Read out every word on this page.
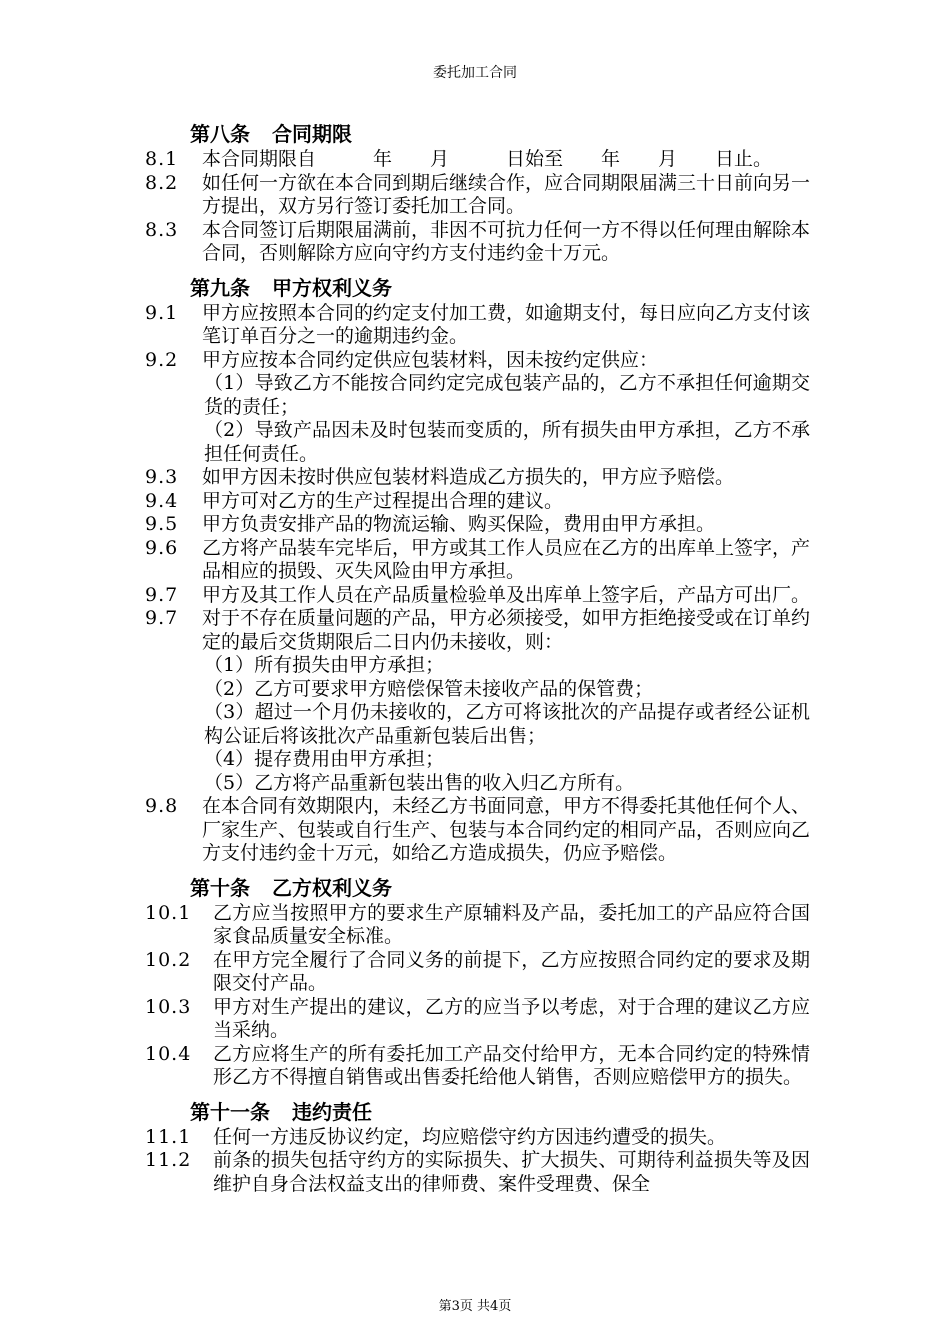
委托加工合同
第八条 合同期限
8.1	本合同期限自　　　年　　月　　　日始至　　年　　月　　日止。
8.2	如任何一方欲在本合同到期后继续合作，应合同期限届满三十日前向另一方提出，双方另行签订委托加工合同。
8.3	本合同签订后期限届满前，非因不可抗力任何一方不得以任何理由解除本合同，否则解除方应向守约方支付违约金十万元。
第九条 甲方权利义务
9.1	甲方应按照本合同的约定支付加工费，如逾期支付，每日应向乙方支付该笔订单百分之一的逾期违约金。
9.2	甲方应按本合同约定供应包装材料，因未按约定供应：
（1）导致乙方不能按合同约定完成包装产品的，乙方不承担任何逾期交货的责任；
（2）导致产品因未及时包装而变质的，所有损失由甲方承担，乙方不承担任何责任。
9.3	如甲方因未按时供应包装材料造成乙方损失的，甲方应予赔偿。
9.4	甲方可对乙方的生产过程提出合理的建议。
9.5	甲方负责安排产品的物流运输、购买保险，费用由甲方承担。
9.6	乙方将产品装车完毕后，甲方或其工作人员应在乙方的出库单上签字，产品相应的损毁、灭失风险由甲方承担。
9.7	甲方及其工作人员在产品质量检验单及出库单上签字后，产品方可出厂。
9.7	对于不存在质量问题的产品，甲方必须接受，如甲方拒绝接受或在订单约定的最后交货期限后二日内仍未接收，则：
（1）所有损失由甲方承担；
（2）乙方可要求甲方赔偿保管未接收产品的保管费；
（3）超过一个月仍未接收的，乙方可将该批次的产品提存或者经公证机构公证后将该批次产品重新包装后出售；
（4）提存费用由甲方承担；
（5）乙方将产品重新包装出售的收入归乙方所有。
9.8	在本合同有效期限内，未经乙方书面同意，甲方不得委托其他任何个人、厂家生产、包装或自行生产、包装与本合同约定的相同产品，否则应向乙方支付违约金十万元，如给乙方造成损失，仍应予赔偿。
第十条 乙方权利义务
10.1	乙方应当按照甲方的要求生产原辅料及产品，委托加工的产品应符合国家食品质量安全标准。
10.2	在甲方完全履行了合同义务的前提下，乙方应按照合同约定的要求及期限交付产品。
10.3	甲方对生产提出的建议，乙方的应当予以考虑，对于合理的建议乙方应当采纳。
10.4	乙方应将生产的所有委托加工产品交付给甲方，无本合同约定的特殊情形乙方不得擅自销售或出售委托给他人销售，否则应赔偿甲方的损失。
第十一条 违约责任
11.1	任何一方违反协议约定，均应赔偿守约方因违约遭受的损失。
11.2	前条的损失包括守约方的实际损失、扩大损失、可期待利益损失等及因维护自身合法权益支出的律师费、案件受理费、保全
第3页 共4页
